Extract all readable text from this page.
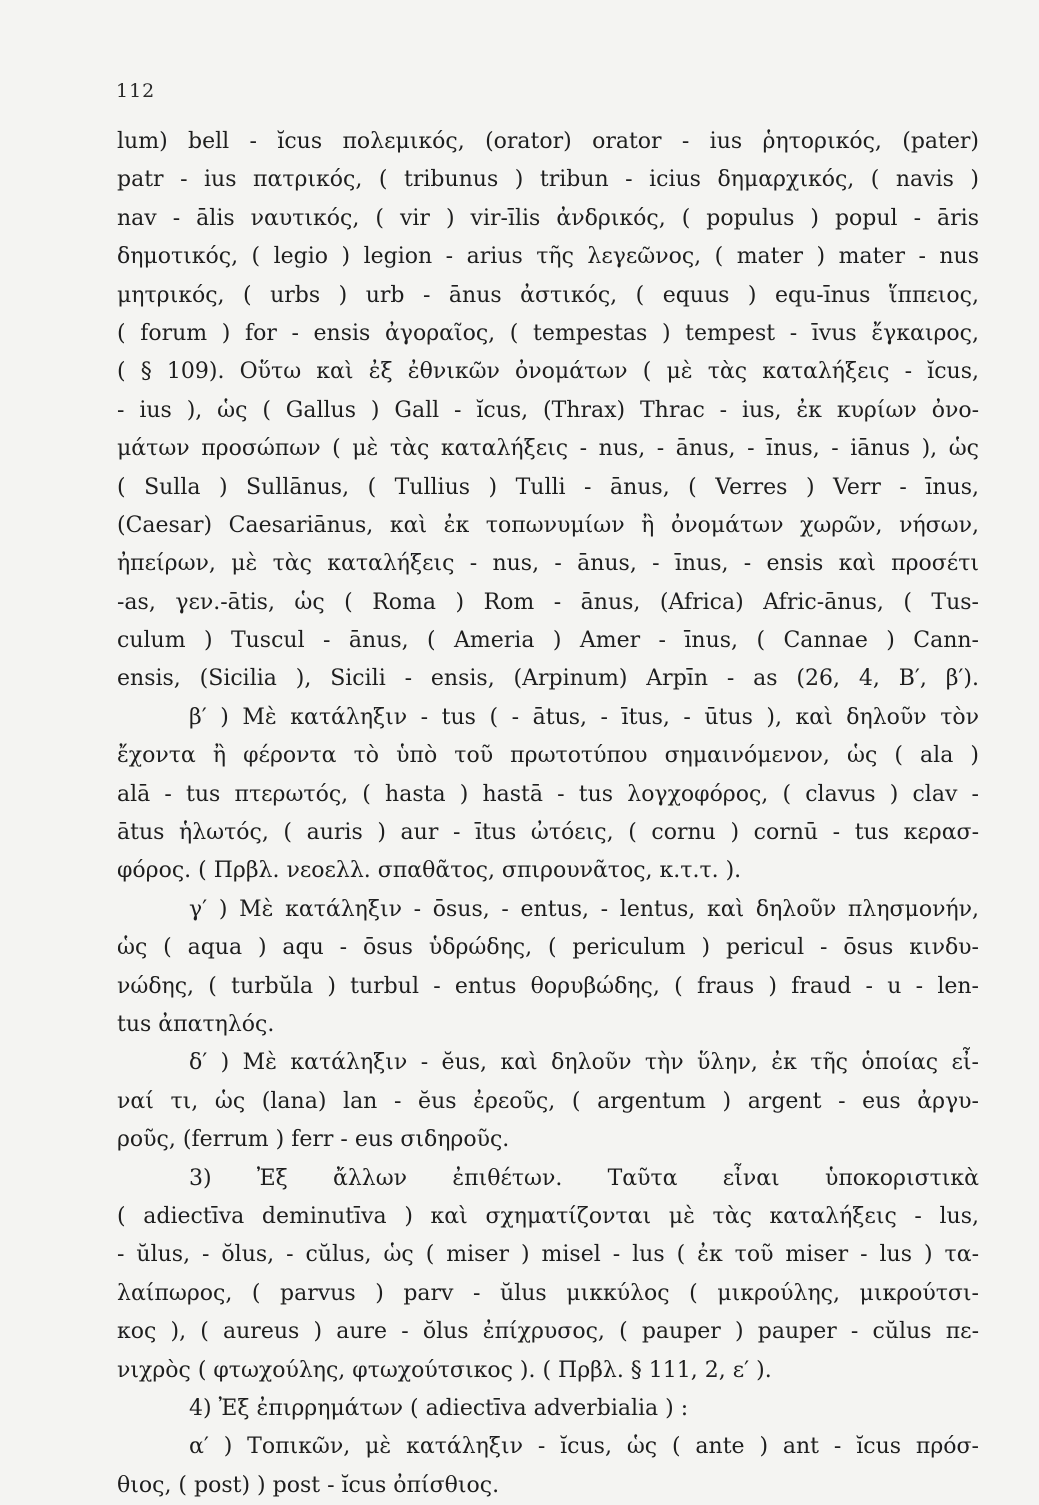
112
lum) bell - ĭcus πολεμικός, (orator) orator - ius ῥητορικός, (pater)
patr - ius πατρικός, ( tribunus ) tribun - icius δημαρχικός, ( navis )
nav - ālis ναυτικός, ( vir ) vir-īlis ἀνδρικός, ( populus ) popul - āris
δημοτικός, ( legio ) legion - arius τῆς λεγεῶνος, ( mater ) mater - nus
μητρικός, ( urbs ) urb - ānus ἀστικός, ( equus ) equ-īnus ἵππειος,
( forum ) for - ensis ἀγοραῖος, ( tempestas ) tempest - īvus ἔγκαιρος,
( § 109). Οὕτω καὶ ἐξ ἐθνικῶν ὀνομάτων ( μὲ τὰς καταλήξεις - ĭcus,
- ius ), ὡς ( Gallus ) Gall - ĭcus, (Thrax) Thrac - ius, ἐκ κυρίων ὀνο-
μάτων προσώπων ( μὲ τὰς καταλήξεις - nus, - ānus, - īnus, - iānus ), ὡς
( Sulla ) Sullānus, ( Tullius ) Tulli - ānus, ( Verres ) Verr - īnus,
(Caesar) Caesariānus, καὶ ἐκ τοπωνυμίων ἢ ὀνομάτων χωρῶν, νήσων,
ἠπείρων, μὲ τὰς καταλήξεις - nus, - ānus, - īnus, - ensis καὶ προσέτι
-as, γεν.-ātis, ὡς ( Roma ) Rom - ānus, (Africa) Afric-ānus, ( Tus-
culum ) Tuscul - ānus, ( Ameria ) Amer - īnus, ( Cannae ) Cann-
ensis, (Sicilia ), Sicili - ensis, (Arpinum) Arpīn - as (26, 4, B′, β′).
β′ ) Μὲ κατάληξιν - tus ( - ātus, - ītus, - ūtus ), καὶ δηλοῦν τὸν
ἔχοντα ἢ φέροντα τὸ ὑπὸ τοῦ πρωτοτύπου σημαινόμενον, ὡς ( ala )
alā - tus πτερωτός, ( hasta ) hastā - tus λογχοφόρος, ( clavus ) clav -
ātus ἡλωτός, ( auris ) aur - ītus ὠτόεις, ( cornu ) cornū - tus κερασ-
φόρος. ( Πρβλ. νεοελλ. σπαθᾶτος, σπιρουνᾶτος, κ.τ.τ. ).
γ′ ) Μὲ κατάληξιν - ōsus, - entus, - lentus, καὶ δηλοῦν πλησμονήν,
ὡς ( aqua ) aqu - ōsus ὑδρώδης, ( periculum ) pericul - ōsus κινδυ-
νώδης, ( turbŭla ) turbul - entus θορυβώδης, ( fraus ) fraud - u - len-
tus ἀπατηλός.
δ′ ) Μὲ κατάληξιν - ĕus, καὶ δηλοῦν τὴν ὕλην, ἐκ τῆς ὁποίας εἶ-
ναί τι, ὡς (lana) lan - ĕus ἐρεοῦς, ( argentum ) argent - eus ἀργυ-
ροῦς, (ferrum ) ferr - eus σιδηροῦς.
3) Ἐξ ἄλλων ἐπιθέτων. Ταῦτα εἶναι ὑποκοριστικὰ
( adiectīva deminutīva ) καὶ σχηματίζονται μὲ τὰς καταλήξεις - lus,
- ŭlus, - ŏlus, - cŭlus, ὡς ( miser ) misel - lus ( ἐκ τοῦ miser - lus ) τα-
λαίπωρος, ( parvus ) parv - ŭlus μικκύλος ( μικρούλης, μικρούτσι-
κος ), ( aureus ) aure - ŏlus ἐπίχρυσος, ( pauper ) pauper - cŭlus πε-
νιχρὸς ( φτωχούλης, φτωχούτσικος ). ( Πρβλ. § 111, 2, ε′ ).
4) Ἐξ ἐπιρρημάτων ( adiectīva adverbialia ) :
α′ ) Τοπικῶν, μὲ κατάληξιν - ĭcus, ὡς ( ante ) ant - ĭcus πρόσ-
θιος, ( post) ) post - ĭcus ὀπίσθιος.
